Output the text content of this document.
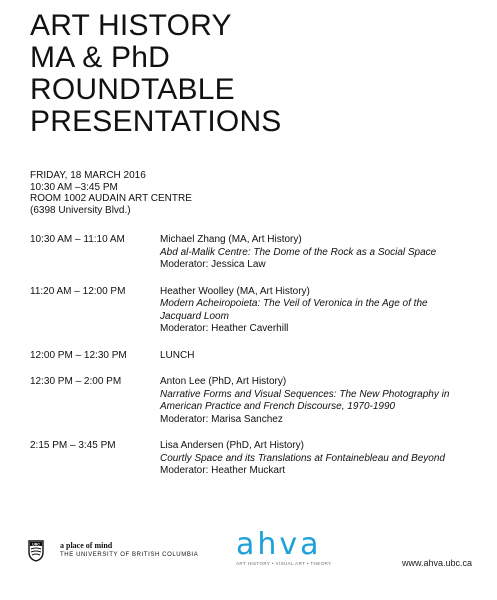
ART HISTORY
MA & PhD
ROUNDTABLE
PRESENTATIONS
FRIDAY, 18 MARCH 2016
10:30 AM –3:45 PM
ROOM 1002 AUDAIN ART CENTRE
(6398 University Blvd.)
10:30 AM – 11:10 AM	Michael Zhang (MA, Art History)
Abd al-Malik Centre: The Dome of the Rock as a Social Space
Moderator: Jessica Law
11:20 AM – 12:00 PM	Heather Woolley (MA, Art History)
Modern Acheiropoieta: The Veil of Veronica in the Age of the Jacquard Loom
Moderator: Heather Caverhill
12:00 PM – 12:30 PM	LUNCH
12:30 PM – 2:00 PM	Anton Lee (PhD, Art History)
Narrative Forms and Visual Sequences: The New Photography in American Practice and French Discourse, 1970-1990
Moderator: Marisa Sanchez
2:15 PM – 3:45 PM	Lisa Andersen (PhD, Art History)
Courtly Space and its Translations at Fontainebleau and Beyond
Moderator: Heather Muckart
UBC	a place of mind
THE UNIVERSITY OF BRITISH COLUMBIA ahva
ART HISTORY • VISUAL ART • THEORY	www.ahva.ubc.ca
